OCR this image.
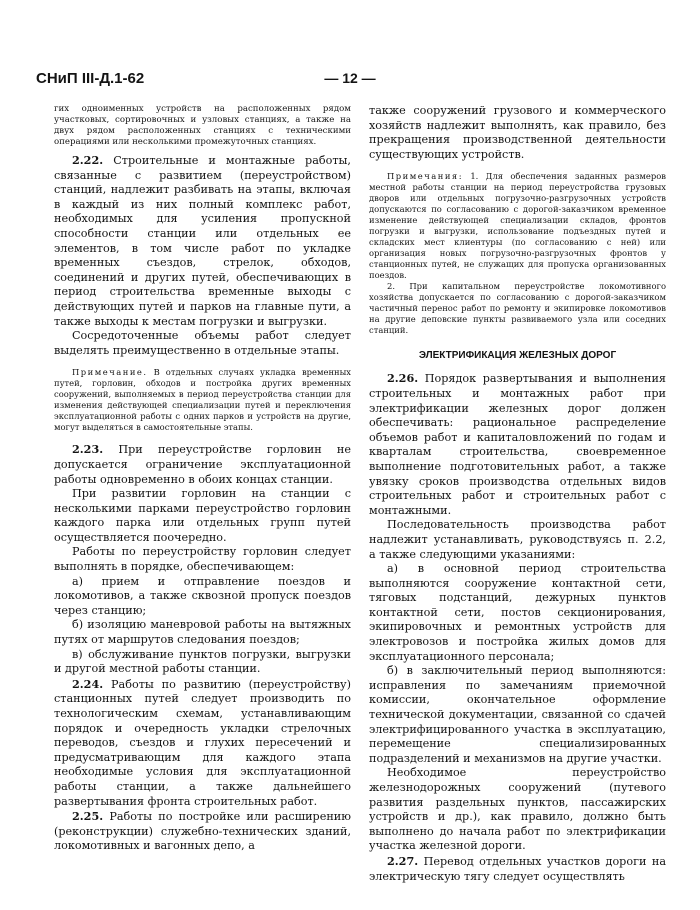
СНиП III-Д.1-62	— 12 —

гих одноименных устройств на расположенных рядом участковых, сортировочных и узловых станциях, а также на двух рядом расположенных станциях с техническими операциями или несколькими промежуточных станциях.

2.22. Строительные и монтажные работы, связанные с развитием (переустройством) станций, надлежит разбивать на этапы, включая в каждый из них полный комплекс работ, необходимых для усиления пропускной способности станции или отдельных ее элементов, в том числе работ по укладке временных съездов, стрелок, обходов, соединений и других путей, обеспечивающих в период строительства временные выходы с действующих путей и парков на главные пути, а также выходы к местам погрузки и выгрузки.

Сосредоточенные объемы работ следует выделять преимущественно в отдельные этапы.

Примечание. В отдельных случаях укладка временных путей, горловин, обходов и постройка других временных сооружений, выполняемых в период переустройства станции для изменения действующей специализации путей и переключения эксплуатационной работы с одних парков и устройств на другие, могут выделяться в самостоятельные этапы.

2.23. При переустройстве горловин не допускается ограничение эксплуатационной работы одновременно в обоих концах станции.

При развитии горловин на станции с несколькими парками переустройство горловин каждого парка или отдельных групп путей осуществляется поочередно.

Работы по переустройству горловин следует выполнять в порядке, обеспечивающем:

а) прием и отправление поездов и локомотивов, а также сквозной пропуск поездов через станцию;

б) изоляцию маневровой работы на вытяжных путях от маршрутов следования поездов;

в) обслуживание пунктов погрузки, выгрузки и другой местной работы станции.

2.24. Работы по развитию (переустройству) станционных путей следует производить по технологическим схемам, устанавливающим порядок и очередность укладки стрелочных переводов, съездов и глухих пересечений и предусматривающим для каждого этапа необходимые условия для эксплуатационной работы станции, а также дальнейшего развертывания фронта строительных работ.

2.25. Работы по постройке или расширению (реконструкции) служебно-технических зданий, локомотивных и вагонных депо, а

также сооружений грузового и коммерческого хозяйств надлежит выполнять, как правило, без прекращения производственной деятельности существующих устройств.

Примечания: 1. Для обеспечения заданных размеров местной работы станции на период переустройства грузовых дворов или отдельных погрузочно-разгрузочных устройств допускаются по согласованию с дорогой-заказчиком временное изменение действующей специализации складов, фронтов погрузки и выгрузки, использование подъездных путей и складских мест клиентуры (по согласованию с ней) или организация новых погрузочно-разгрузочных фронтов у станционных путей, не служащих для пропуска организованных поездов.

2. При капитальном переустройстве локомотивного хозяйства допускается по согласованию с дорогой-заказчиком частичный перенос работ по ремонту и экипировке локомотивов на другие деповские пункты развиваемого узла или соседних станций.

ЭЛЕКТРИФИКАЦИЯ ЖЕЛЕЗНЫХ ДОРОГ

2.26. Порядок развертывания и выполнения строительных и монтажных работ при электрификации железных дорог должен обеспечивать: рациональное распределение объемов работ и капиталовложений по годам и кварталам строительства, своевременное выполнение подготовительных работ, а также увязку сроков производства отдельных видов строительных работ и строительных работ с монтажными.

Последовательность производства работ надлежит устанавливать, руководствуясь п. 2.2, а также следующими указаниями:

а) в основной период строительства выполняются сооружение контактной сети, тяговых подстанций, дежурных пунктов контактной сети, постов секционирования, экипировочных и ремонтных устройств для электровозов и постройка жилых домов для эксплуатационного персонала;

б) в заключительный период выполняются: исправления по замечаниям приемочной комиссии, окончательное оформление технической документации, связанной со сдачей электрифицированного участка в эксплуатацию, перемещение специализированных подразделений и механизмов на другие участки.

Необходимое переустройство железнодорожных сооружений (путевого развития раздельных пунктов, пассажирских устройств и др.), как правило, должно быть выполнено до начала работ по электрификации участка железной дороги.

2.27. Перевод отдельных участков дороги на электрическую тягу следует осуществлять
